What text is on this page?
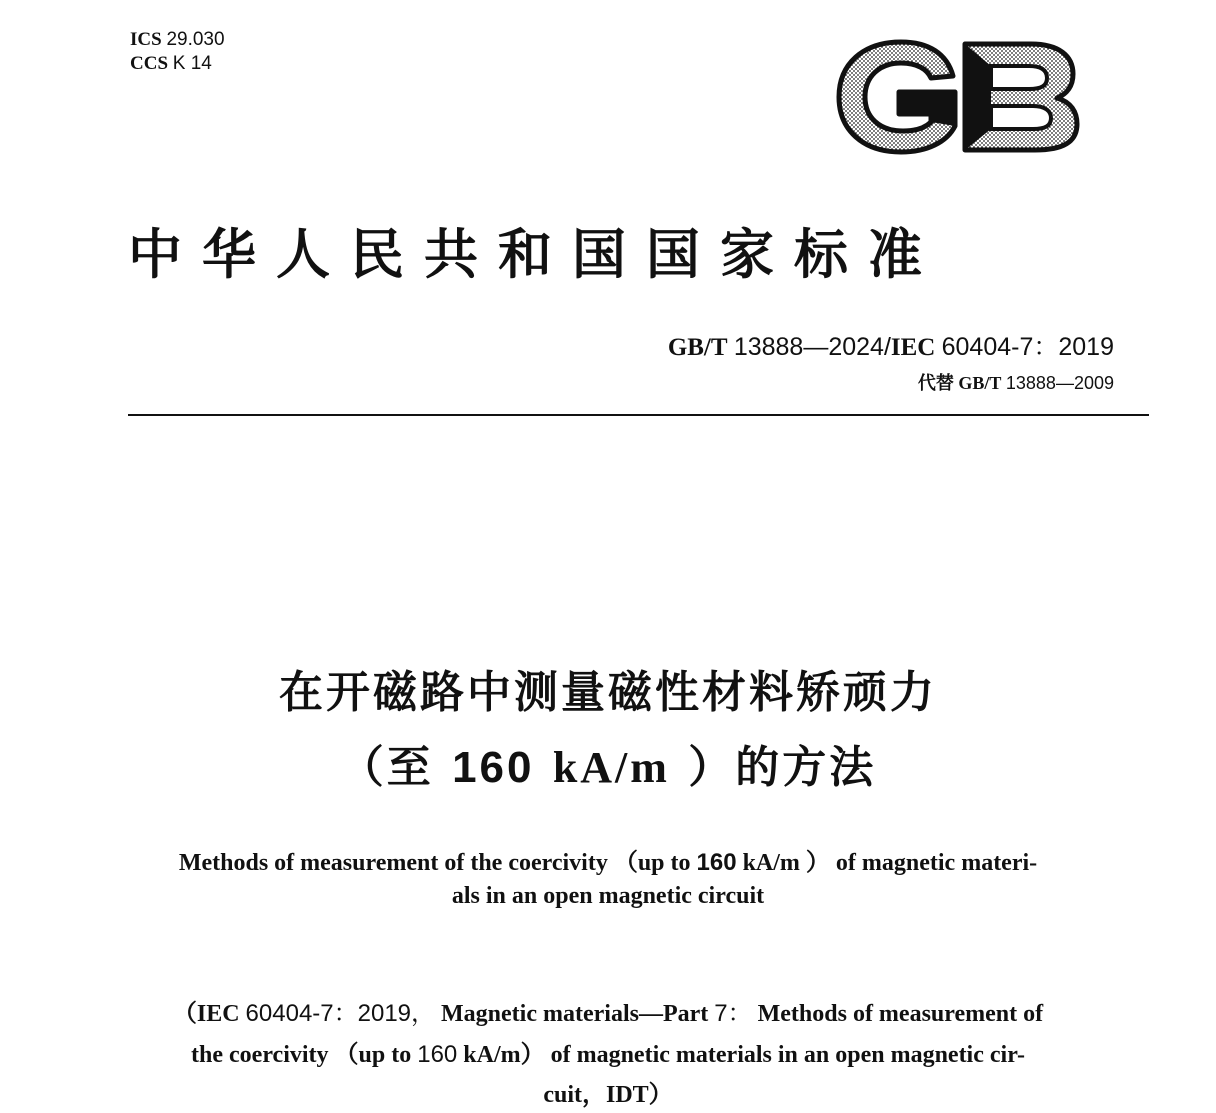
ICS 29.030
CCS K 14
中华人民共和国国家标准
GB/T 13888—2024/IEC 60404-7：2019
代替 GB/T 13888—2009
在开磁路中测量磁性材料矫顽力
（至 160 kA/m ）的方法
Methods of measurement of the coercivity （up to 160 kA/m ） of magnetic materi-
als in an open magnetic circuit
（IEC 60404-7：2019， Magnetic materials—Part 7： Methods of measurement of
the coercivity （up to 160 kA/m） of magnetic materials in an open magnetic cir-
cuit，IDT）
